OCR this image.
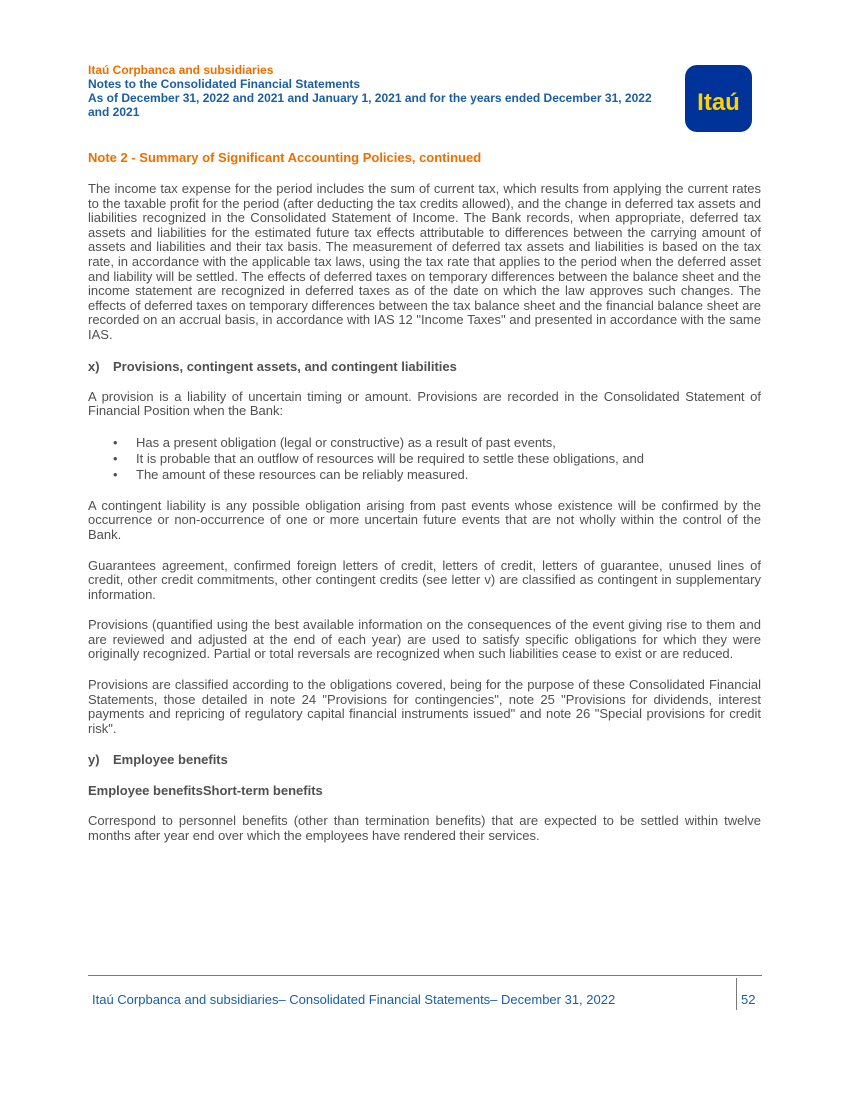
Itaú Corpbanca and subsidiaries
Notes to the Consolidated Financial Statements
As of December 31, 2022 and 2021 and January 1, 2021 and for the years ended December 31, 2022
and 2021	Itaú
Note 2 - Summary of Significant Accounting Policies, continued

The income tax expense for the period includes the sum of current tax, which results from applying the current rates to the taxable profit for the period (after deducting the tax credits allowed), and the change in deferred tax assets and liabilities recognized in the Consolidated Statement of Income. The Bank records, when appropriate, deferred tax assets and liabilities for the estimated future tax effects attributable to differences between the carrying amount of assets and liabilities and their tax basis. The measurement of deferred tax assets and liabilities is based on the tax rate, in accordance with the applicable tax laws, using the tax rate that applies to the period when the deferred asset and liability will be settled. The effects of deferred taxes on temporary differences between the balance sheet and the income statement are recognized in deferred taxes as of the date on which the law approves such changes. The effects of deferred taxes on temporary differences between the tax balance sheet and the financial balance sheet are recorded on an accrual basis, in accordance with IAS 12 "Income Taxes" and presented in accordance with the same IAS.

x) Provisions, contingent assets, and contingent liabilities

A provision is a liability of uncertain timing or amount. Provisions are recorded in the Consolidated Statement of Financial Position when the Bank:

• Has a present obligation (legal or constructive) as a result of past events,
• It is probable that an outflow of resources will be required to settle these obligations, and
• The amount of these resources can be reliably measured.

A contingent liability is any possible obligation arising from past events whose existence will be confirmed by the occurrence or non-occurrence of one or more uncertain future events that are not wholly within the control of the Bank.

Guarantees agreement, confirmed foreign letters of credit, letters of credit, letters of guarantee, unused lines of credit, other credit commitments, other contingent credits (see letter v) are classified as contingent in supplementary information.

Provisions (quantified using the best available information on the consequences of the event giving rise to them and are reviewed and adjusted at the end of each year) are used to satisfy specific obligations for which they were originally recognized. Partial or total reversals are recognized when such liabilities cease to exist or are reduced.

Provisions are classified according to the obligations covered, being for the purpose of these Consolidated Financial Statements, those detailed in note 24 "Provisions for contingencies", note 25 "Provisions for dividends, interest payments and repricing of regulatory capital financial instruments issued" and note 26 "Special provisions for credit risk".

y) Employee benefits
Employee benefitsShort-term benefits

Correspond to personnel benefits (other than termination benefits) that are expected to be settled within twelve months after year end over which the employees have rendered their services.

Itaú Corpbanca and subsidiaries– Consolidated Financial Statements– December 31, 2022	52
